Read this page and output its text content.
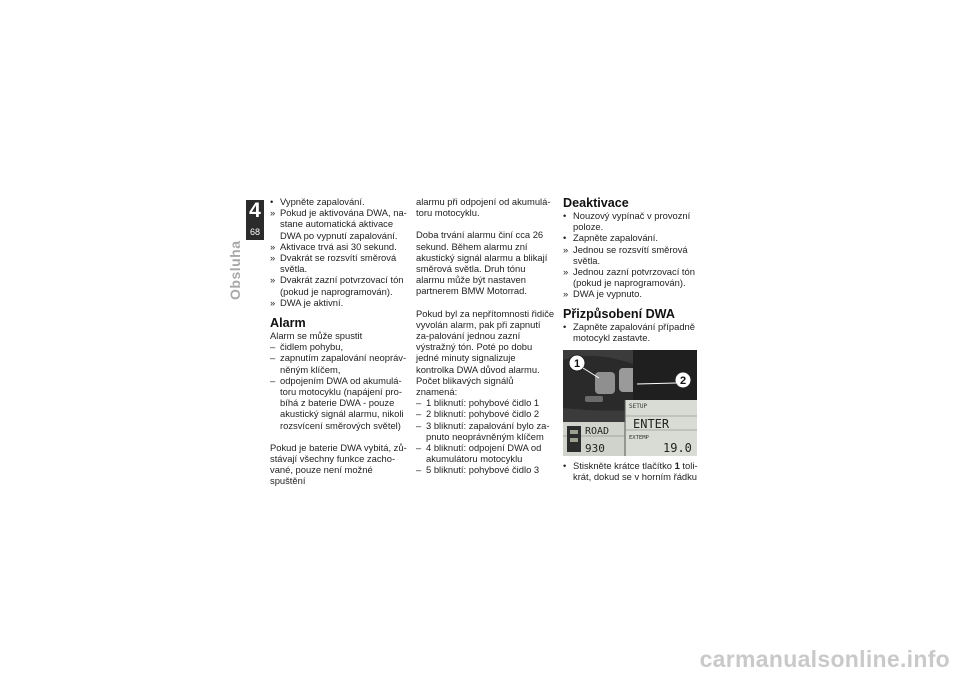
4
68
Obsluha
• Vypněte zapalování.
» Pokud je aktivována DWA, na-stane automatická aktivace DWA po vypnutí zapalování.
» Aktivace trvá asi 30 sekund.
» Dvakrát se rozsvítí směrová světla.
» Dvakrát zazní potvrzovací tón (pokud je naprogramován).
» DWA je aktivní.
Alarm

Alarm se může spustit

– čidlem pohybu,
– zapnutím zapalování neopráv-něným klíčem,
– odpojením DWA od akumulá-toru motocyklu (napájení pro-bíhá z baterie DWA - pouze akustický signál alarmu, nikoli rozsvícení směrových světel)

Pokud je baterie DWA vybitá, zů-stávají všechny funkce zacho-vané, pouze není možné spuštění

alarmu při odpojení od akumulá-toru motocyklu.

Doba trvání alarmu činí cca 26 sekund. Během alarmu zní akustický signál alarmu a blikají směrová světla. Druh tónu alarmu může být nastaven partnerem BMW Motorrad.

Pokud byl za nepřítomnosti řidiče vyvolán alarm, pak při zapnutí za-palování jednou zazní výstražný tón. Poté po dobu jedné minuty signalizuje kontrolka DWA důvod alarmu.

Počet blikavých signálů znamená:

– 1 bliknutí: pohybové čidlo 1
– 2 bliknutí: pohybové čidlo 2
– 3 bliknutí: zapalování bylo za-pnuto neoprávněným klíčem
– 4 bliknutí: odpojení DWA od akumulátoru motocyklu
– 5 bliknutí: pohybové čidlo 3
Deaktivace
• Nouzový vypínač v provozní poloze.
• Zapněte zapalování.
» Jednou se rozsvítí směrová světla.
» Jednou zazní potvrzovací tón (pokud je naprogramován).
» DWA je vypnuto.
Přizpůsobení DWA
• Zapněte zapalování případně motocykl zastavte.
SETUP
ENTER
EXTEMP
19.0
ROAD
930
1
2
• Stiskněte krátce tlačítko 1 toli-krát, dokud se v horním řádku
carmanualsonline.info
